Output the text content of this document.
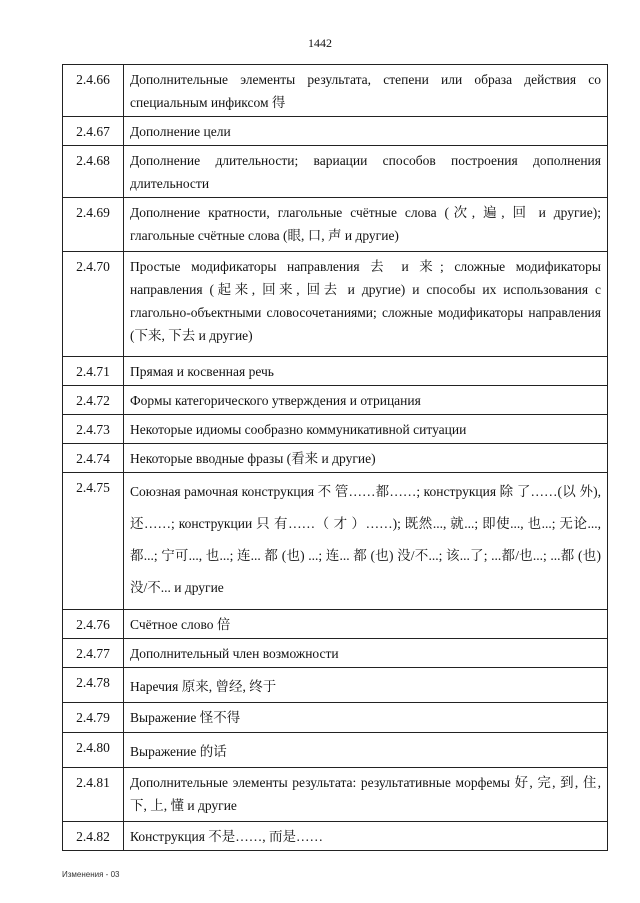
1442
2.4.66	Дополнительные элементы результата, степени или образа действия со специальным инфиксом 得
2.4.67	Дополнение цели
2.4.68	Дополнение длительности; вариации способов построения дополнения длительности
2.4.69	Дополнение кратности, глагольные счётные слова (次, 遍, 回 и другие); глагольные счётные слова (眼, 口, 声 и другие)
2.4.70	Простые модификаторы направления 去 и 来; сложные модификаторы направления (起来, 回来, 回去 и другие) и способы их использования с глагольно-объектными словосочетаниями; сложные модификаторы направления (下来, 下去 и другие)
2.4.71	Прямая и косвенная речь
2.4.72	Формы категорического утверждения и отрицания
2.4.73	Некоторые идиомы сообразно коммуникативной ситуации
2.4.74	Некоторые вводные фразы (看来 и другие)
2.4.75	Союзная рамочная конструкция 不 管……都……; конструкция 除 了……(以 外), 还……; конструкции 只 有……（ 才 ）……); 既然..., 就...; 即使..., 也...; 无论..., 都...; 宁可..., 也...; 连... 都 (也) ...; 连... 都 (也) 没/不...; 该...了; ...都/也...; ...都 (也) 没/不... и другие
2.4.76	Счётное слово 倍
2.4.77	Дополнительный член возможности
2.4.78	Наречия 原来, 曾经, 终于
2.4.79	Выражение 怪不得
2.4.80	Выражение 的话
2.4.81	Дополнительные элементы результата: результативные морфемы 好, 完, 到, 住, 下, 上, 懂 и другие
2.4.82	Конструкция 不是……, 而是……
Изменения - 03
